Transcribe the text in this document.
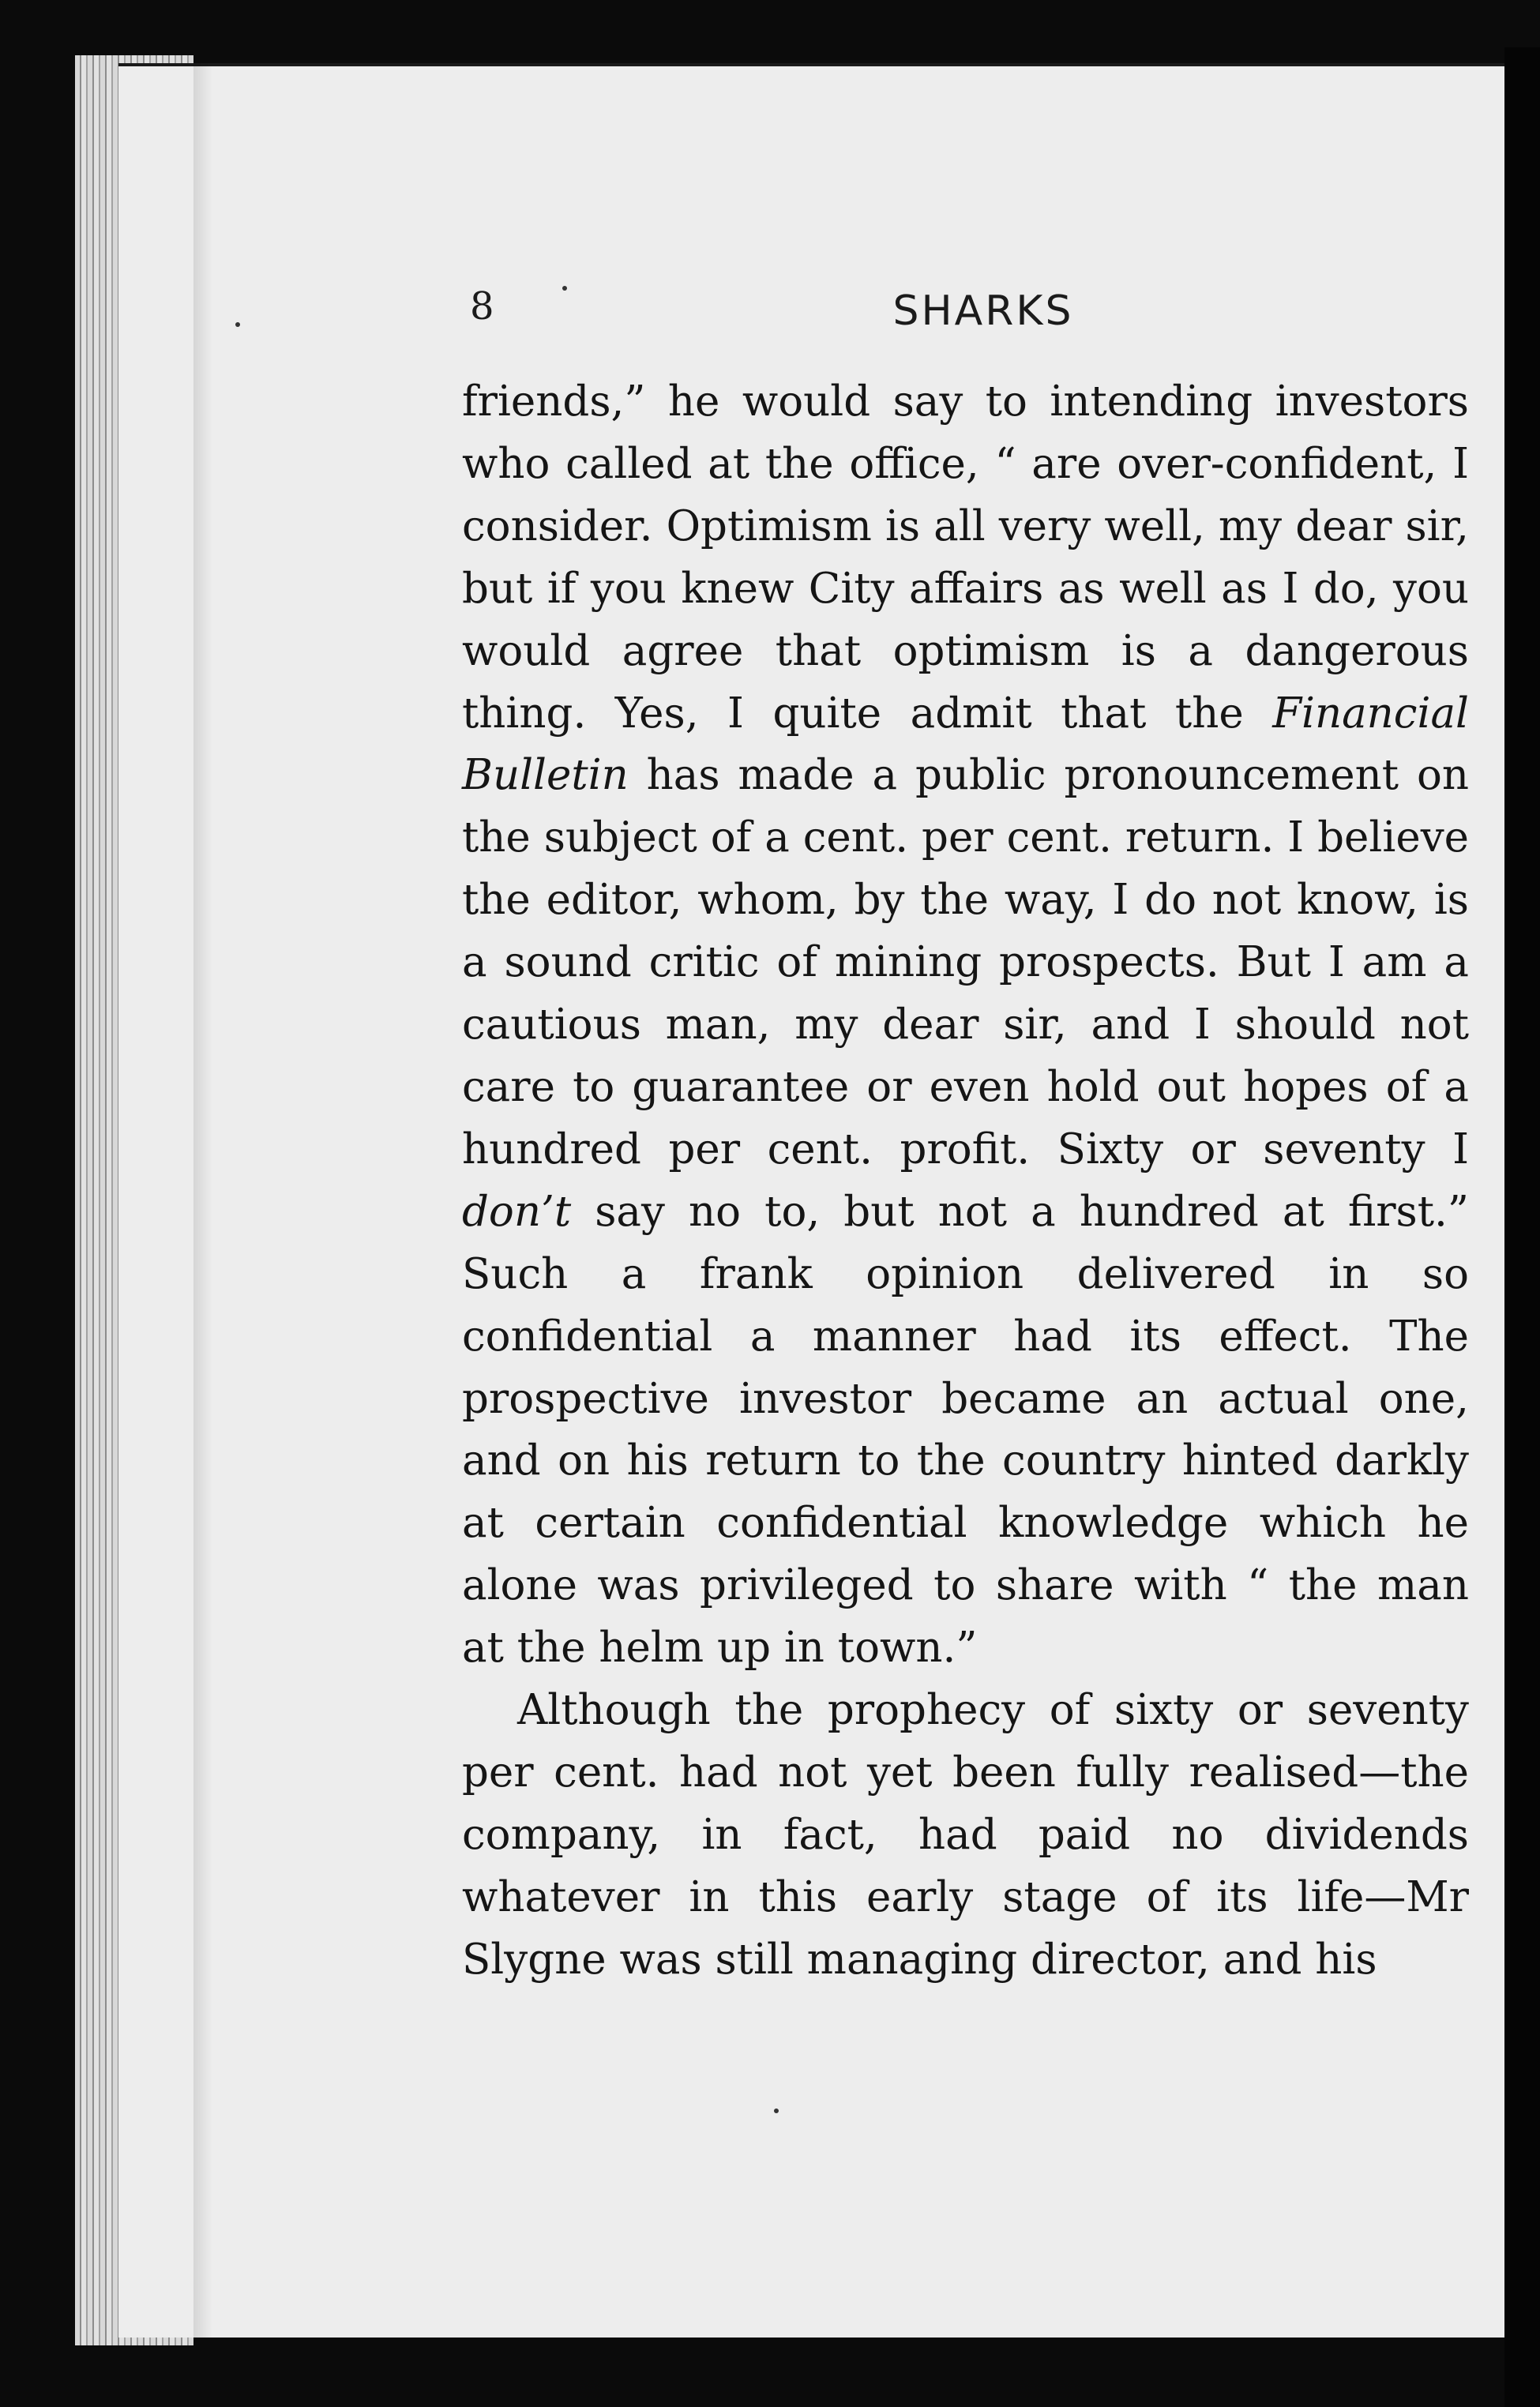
8	SHARKS

friends,” he would say to intending investors who called at the office, “ are over-confident, I consider. Optimism is all very well, my dear sir, but if you knew City affairs as well as I do, you would agree that optimism is a dangerous thing. Yes, I quite admit that the Financial Bulletin has made a public pronouncement on the subject of a cent. per cent. return. I believe the editor, whom, by the way, I do not know, is a sound critic of mining prospects. But I am a cautious man, my dear sir, and I should not care to guarantee or even hold out hopes of a hundred per cent. profit. Sixty or seventy I don’t say no to, but not a hundred at first.” Such a frank opinion delivered in so confidential a manner had its effect. The prospective investor became an actual one, and on his return to the country hinted darkly at certain confidential knowledge which he alone was privileged to share with “ the man at the helm up in town.”

Although the prophecy of sixty or seventy per cent. had not yet been fully realised—the company, in fact, had paid no dividends whatever in this early stage of its life—Mr Slygne was still managing director, and his
